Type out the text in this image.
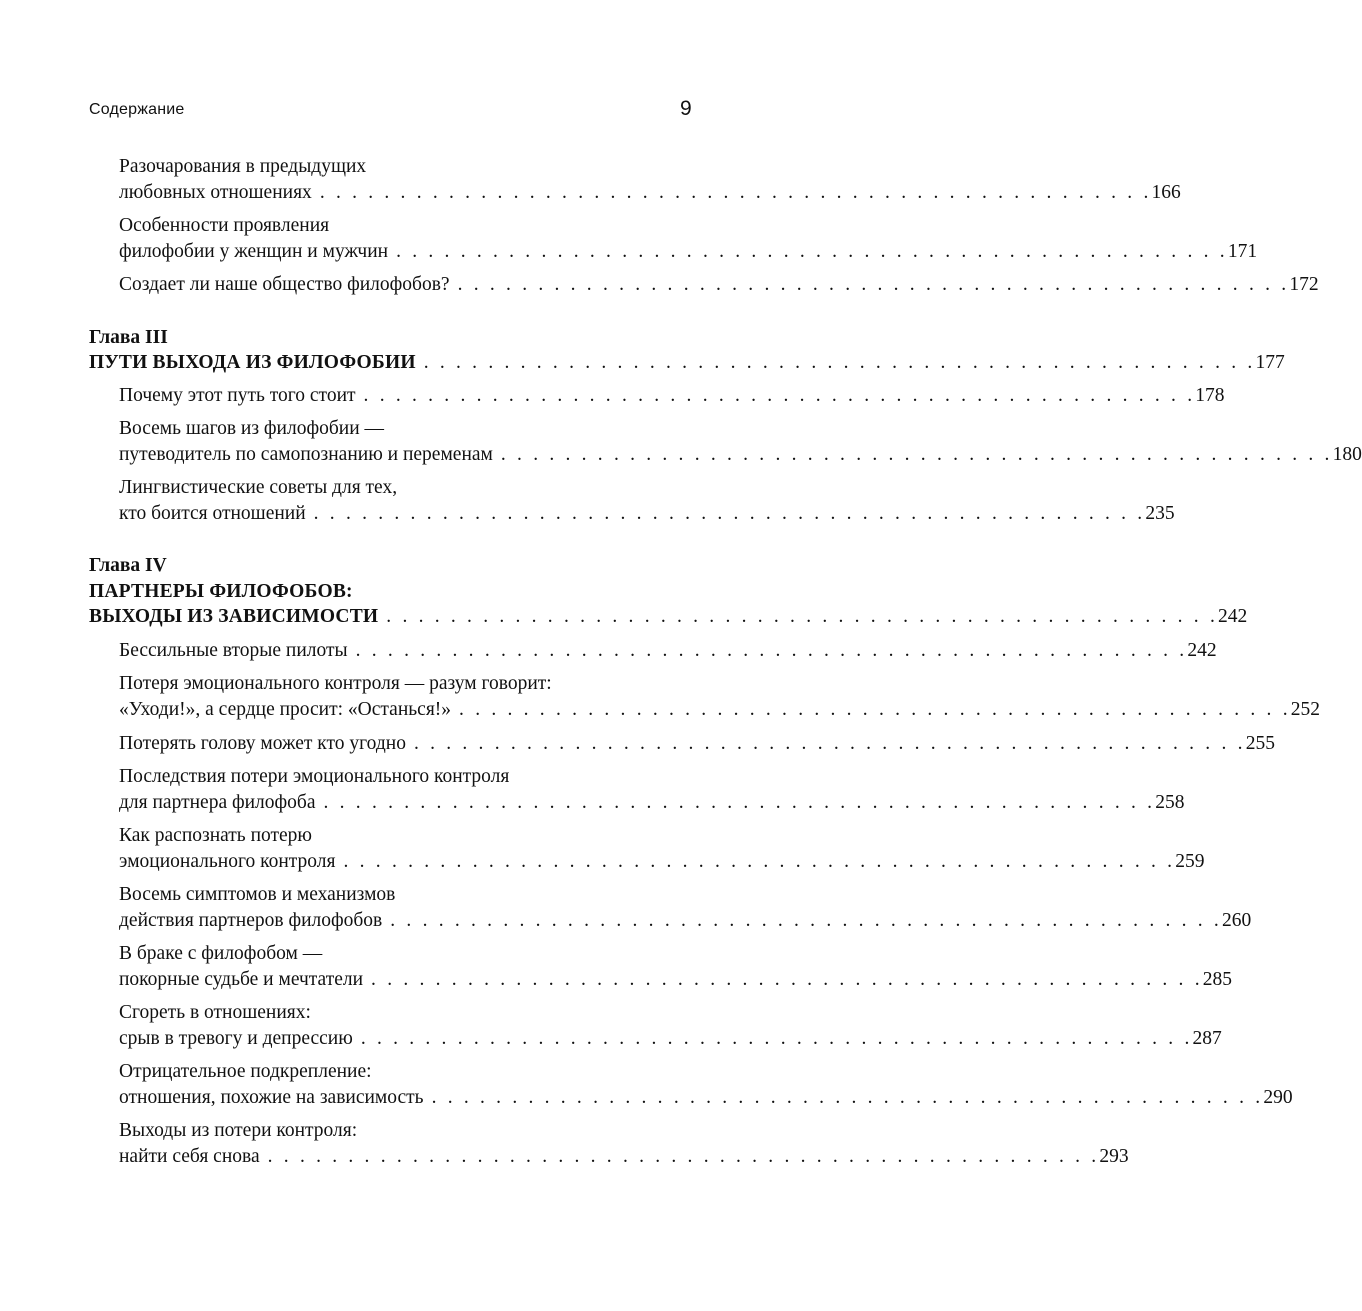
Содержание	9
Разочарования в предыдущих
любовных отношениях . . . . . . . . . . . . . . . . . . . . . . . . . . . . . . . . . . . . . . . . . . . . . . . . . . . . 166
Особенности проявления
филофобии у женщин и мужчин . . . . . . . . . . . . . . . . . . . . . . . . . . . . . . . . . . . . . . . . . . . . . . . . . . . . 171
Создает ли наше общество филофобов? . . . . . . . . . . . . . . . . . . . . . . . . . . . . . . . . . . . . . . . . . . . . . . . . . . . . 172
Глава III
ПУТИ ВЫХОДА ИЗ ФИЛОФОБИИ . . . . . . . . . . . . . . . . . . . . . . . . . . . . . . . . . . . . . . . . . . . . . . . . . . . . 177
Почему этот путь того стоит . . . . . . . . . . . . . . . . . . . . . . . . . . . . . . . . . . . . . . . . . . . . . . . . . . . . 178
Восемь шагов из филофобии —
путеводитель по самопознанию и переменам . . . . . . . . . . . . . . . . . . . . . . . . . . . . . . . . . . . . . . . . . . . . . . . . . . . . 180
Лингвистические советы для тех,
кто боится отношений . . . . . . . . . . . . . . . . . . . . . . . . . . . . . . . . . . . . . . . . . . . . . . . . . . . . 235
Глава IV
ПАРТНЕРЫ ФИЛОФОБОВ:
ВЫХОДЫ ИЗ ЗАВИСИМОСТИ . . . . . . . . . . . . . . . . . . . . . . . . . . . . . . . . . . . . . . . . . . . . . . . . . . . . 242
Бессильные вторые пилоты . . . . . . . . . . . . . . . . . . . . . . . . . . . . . . . . . . . . . . . . . . . . . . . . . . . . 242
Потеря эмоционального контроля — разум говорит:
«Уходи!», а сердце просит: «Останься!» . . . . . . . . . . . . . . . . . . . . . . . . . . . . . . . . . . . . . . . . . . . . . . . . . . . . 252
Потерять голову может кто угодно . . . . . . . . . . . . . . . . . . . . . . . . . . . . . . . . . . . . . . . . . . . . . . . . . . . . 255
Последствия потери эмоционального контроля
для партнера филофоба . . . . . . . . . . . . . . . . . . . . . . . . . . . . . . . . . . . . . . . . . . . . . . . . . . . . 258
Как распознать потерю
эмоционального контроля . . . . . . . . . . . . . . . . . . . . . . . . . . . . . . . . . . . . . . . . . . . . . . . . . . . . 259
Восемь симптомов и механизмов
действия партнеров филофобов . . . . . . . . . . . . . . . . . . . . . . . . . . . . . . . . . . . . . . . . . . . . . . . . . . . . 260
В браке с филофобом —
покорные судьбе и мечтатели . . . . . . . . . . . . . . . . . . . . . . . . . . . . . . . . . . . . . . . . . . . . . . . . . . . . 285
Сгореть в отношениях:
срыв в тревогу и депрессию . . . . . . . . . . . . . . . . . . . . . . . . . . . . . . . . . . . . . . . . . . . . . . . . . . . . 287
Отрицательное подкрепление:
отношения, похожие на зависимость . . . . . . . . . . . . . . . . . . . . . . . . . . . . . . . . . . . . . . . . . . . . . . . . . . . . 290
Выходы из потери контроля:
найти себя снова . . . . . . . . . . . . . . . . . . . . . . . . . . . . . . . . . . . . . . . . . . . . . . . . . . . . 293
